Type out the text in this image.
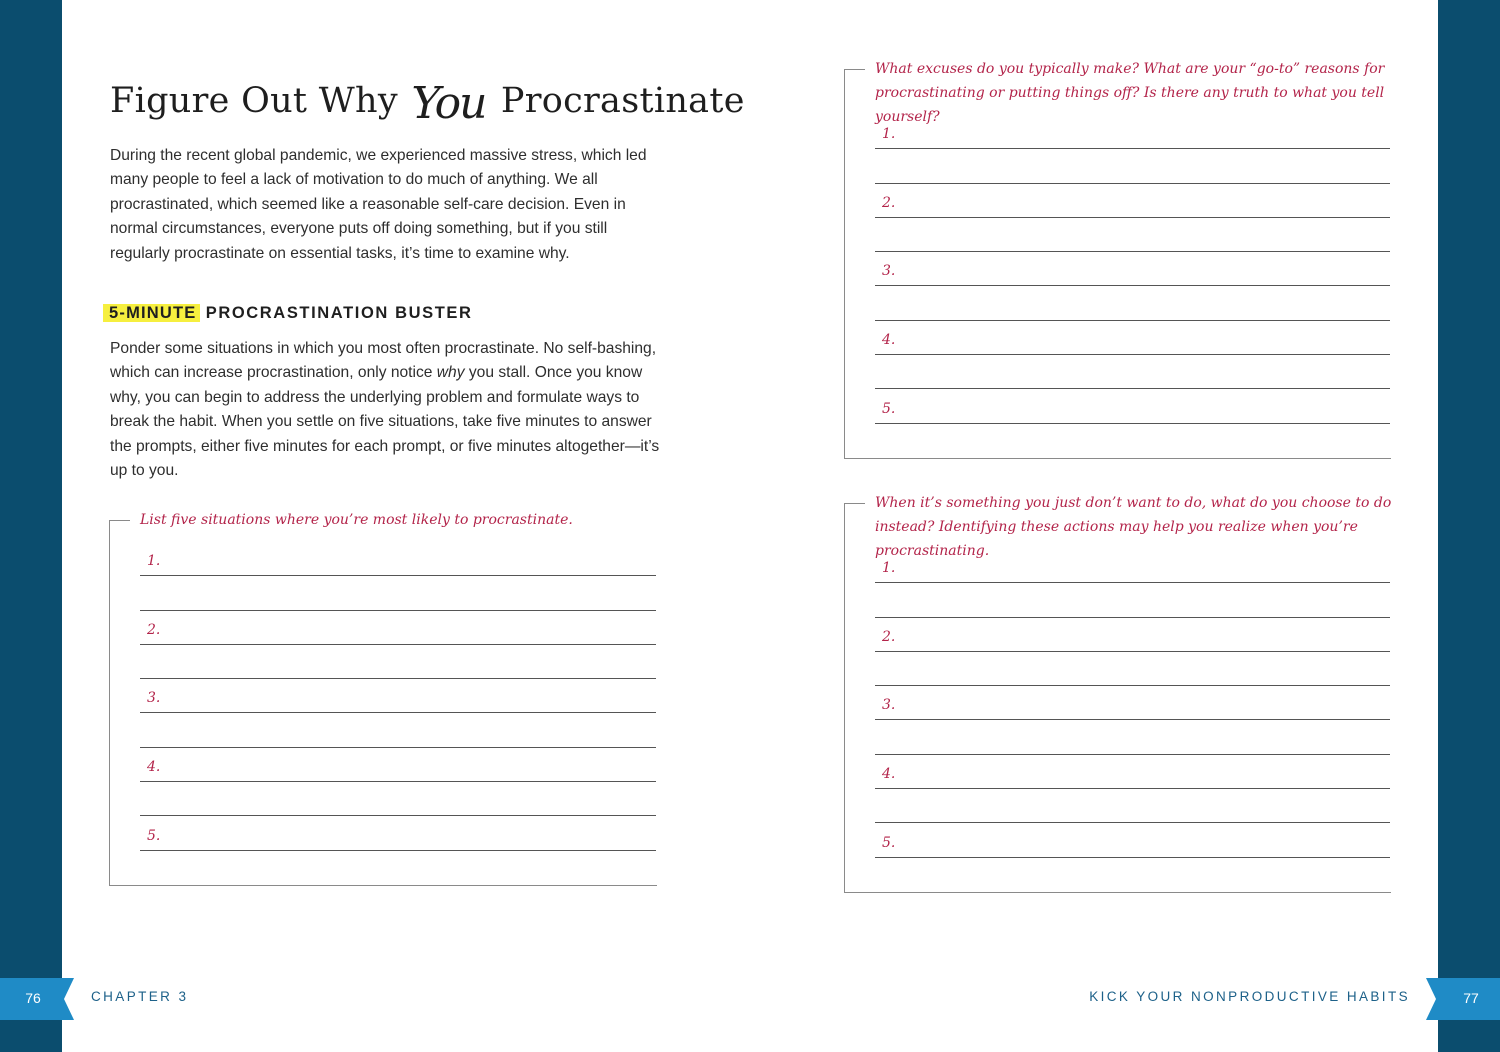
Figure Out Why You Procrastinate

During the recent global pandemic, we experienced massive stress, which led many people to feel a lack of motivation to do much of anything. We all procrastinated, which seemed like a reasonable self-care decision. Even in normal circumstances, everyone puts off doing something, but if you still regularly procrastinate on essential tasks, it’s time to examine why.

5-MINUTE PROCRASTINATION BUSTER

Ponder some situations in which you most often procrastinate. No self-bashing, which can increase procrastination, only notice why you stall. Once you know why, you can begin to address the underlying problem and formulate ways to break the habit. When you settle on five situations, take five minutes to answer the prompts, either five minutes for each prompt, or five minutes altogether—it’s up to you.

List five situations where you’re most likely to procrastinate.

1.
2.
3.
4.
5.

What excuses do you typically make? What are your “go-to” reasons for procrastinating or putting things off? Is there any truth to what you tell yourself?

1.
2.
3.
4.
5.

When it’s something you just don’t want to do, what do you choose to do instead? Identifying these actions may help you realize when you’re procrastinating.

1.
2.
3.
4.
5.
76	CHAPTER 3	KICK YOUR NONPRODUCTIVE HABITS	77
